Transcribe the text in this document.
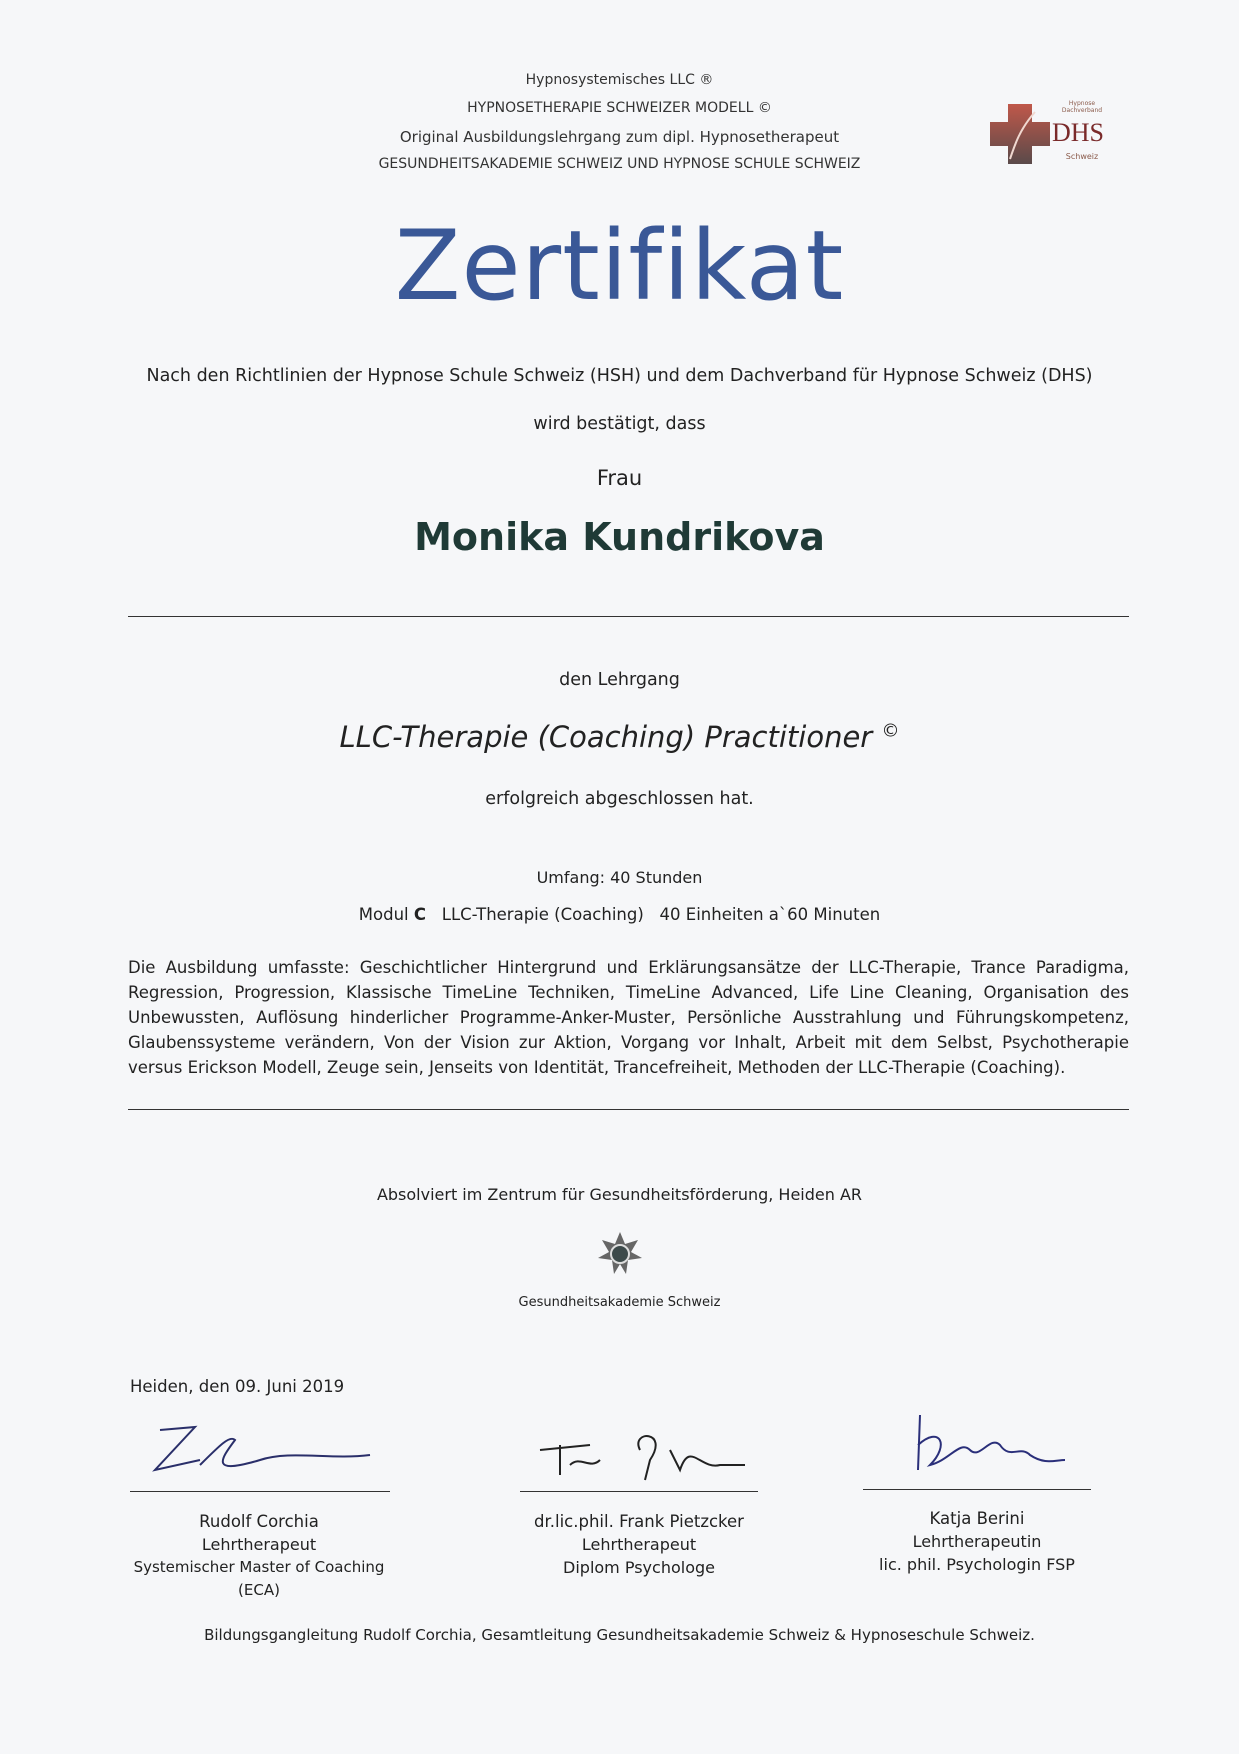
Hypnosystemisches LLC ®
HYPNOSETHERAPIE SCHWEIZER MODELL ©
Original Ausbildungslehrgang zum dipl. Hypnosetherapeut
GESUNDHEITSAKADEMIE SCHWEIZ UND HYPNOSE SCHULE SCHWEIZ
Hypnose Dachverband
DHS
Schweiz
Zertifikat
Nach den Richtlinien der Hypnose Schule Schweiz (HSH) und dem Dachverband für Hypnose Schweiz (DHS)
wird bestätigt, dass
Frau
Monika Kundrikova
den Lehrgang
LLC-Therapie (Coaching) Practitioner ©
erfolgreich abgeschlossen hat.
Umfang: 40 Stunden
Modul C LLC-Therapie (Coaching) 40 Einheiten a`60 Minuten
Die Ausbildung umfasste: Geschichtlicher Hintergrund und Erklärungsansätze der LLC-Therapie, Trance Paradigma, Regression, Progression, Klassische TimeLine Techniken, TimeLine Advanced, Life Line Cleaning, Organisation des Unbewussten, Auflösung hinderlicher Programme-Anker-Muster, Persönliche Ausstrahlung und Führungskompetenz, Glaubenssysteme verändern, Von der Vision zur Aktion, Vorgang vor Inhalt, Arbeit mit dem Selbst, Psychotherapie versus Erickson Modell, Zeuge sein, Jenseits von Identität, Trancefreiheit, Methoden der LLC-Therapie (Coaching).
Absolviert im Zentrum für Gesundheitsförderung, Heiden AR
Gesundheitsakademie Schweiz
Heiden, den 09. Juni 2019
Rudolf Corchia
Lehrtherapeut
Systemischer Master of Coaching (ECA)
dr.lic.phil. Frank Pietzcker
Lehrtherapeut
Diplom Psychologe
Katja Berini
Lehrtherapeutin
lic. phil. Psychologin FSP
Bildungsgangleitung Rudolf Corchia, Gesamtleitung Gesundheitsakademie Schweiz & Hypnoseschule Schweiz.
